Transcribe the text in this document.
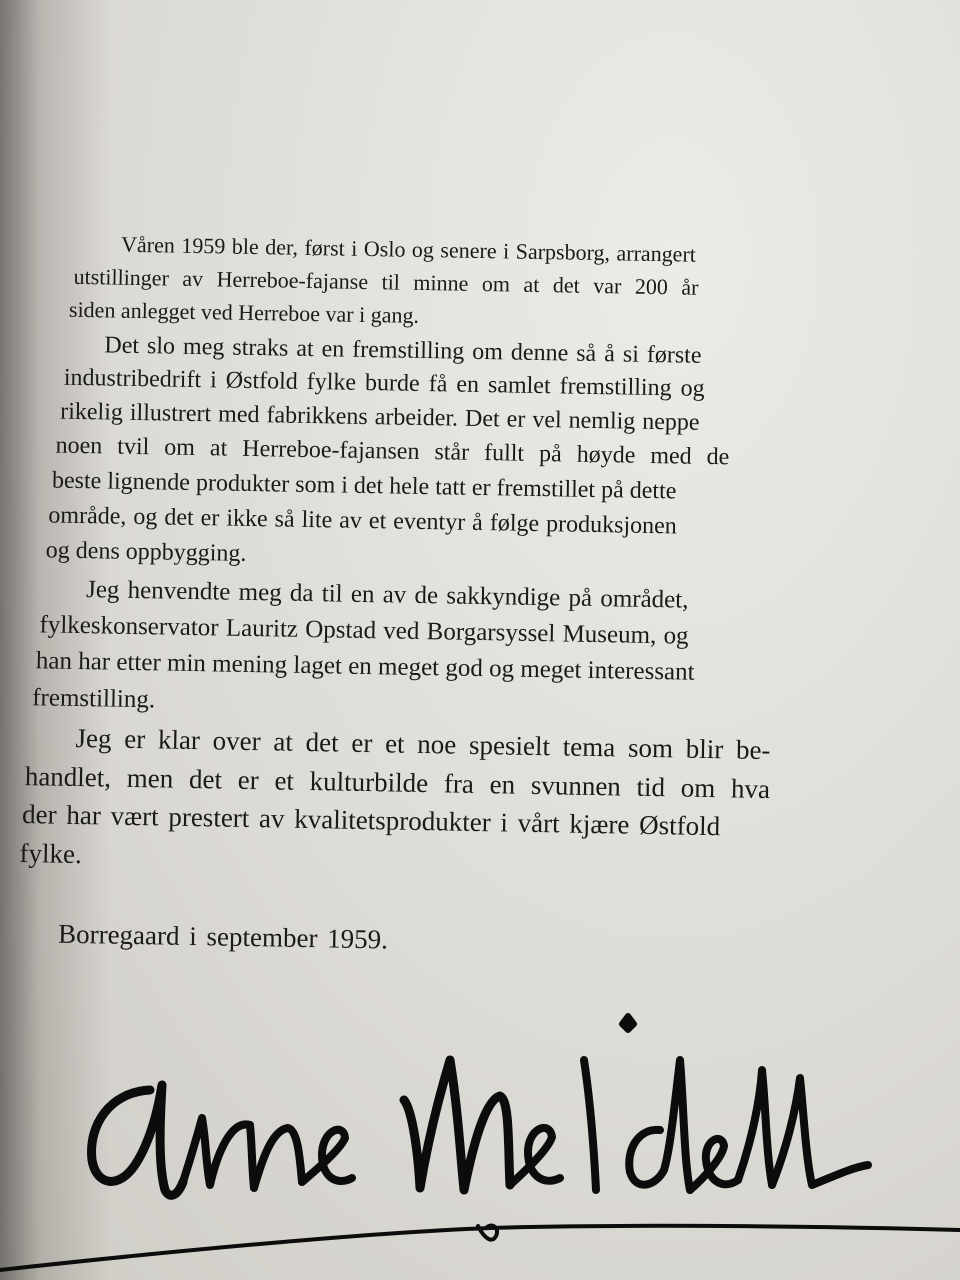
Våren 1959 ble der, først i Oslo og senere i Sarpsborg, arrangert
utstillinger av Herreboe-fajanse til minne om at det var 200 år
siden anlegget ved Herreboe var i gang.
Det slo meg straks at en fremstilling om denne så å si første
industribedrift i Østfold fylke burde få en samlet fremstilling og
rikelig illustrert med fabrikkens arbeider. Det er vel nemlig neppe
noen tvil om at Herreboe-fajansen står fullt på høyde med de
beste lignende produkter som i det hele tatt er fremstillet på dette
område, og det er ikke så lite av et eventyr å følge produksjonen
og dens oppbygging.
Jeg henvendte meg da til en av de sakkyndige på området,
fylkeskonservator Lauritz Opstad ved Borgarsyssel Museum, og
han har etter min mening laget en meget god og meget interessant
fremstilling.
Jeg er klar over at det er et noe spesielt tema som blir be-
handlet, men det er et kulturbilde fra en svunnen tid om hva
der har vært prestert av kvalitetsprodukter i vårt kjære Østfold
fylke.
Borregaard i september 1959.
